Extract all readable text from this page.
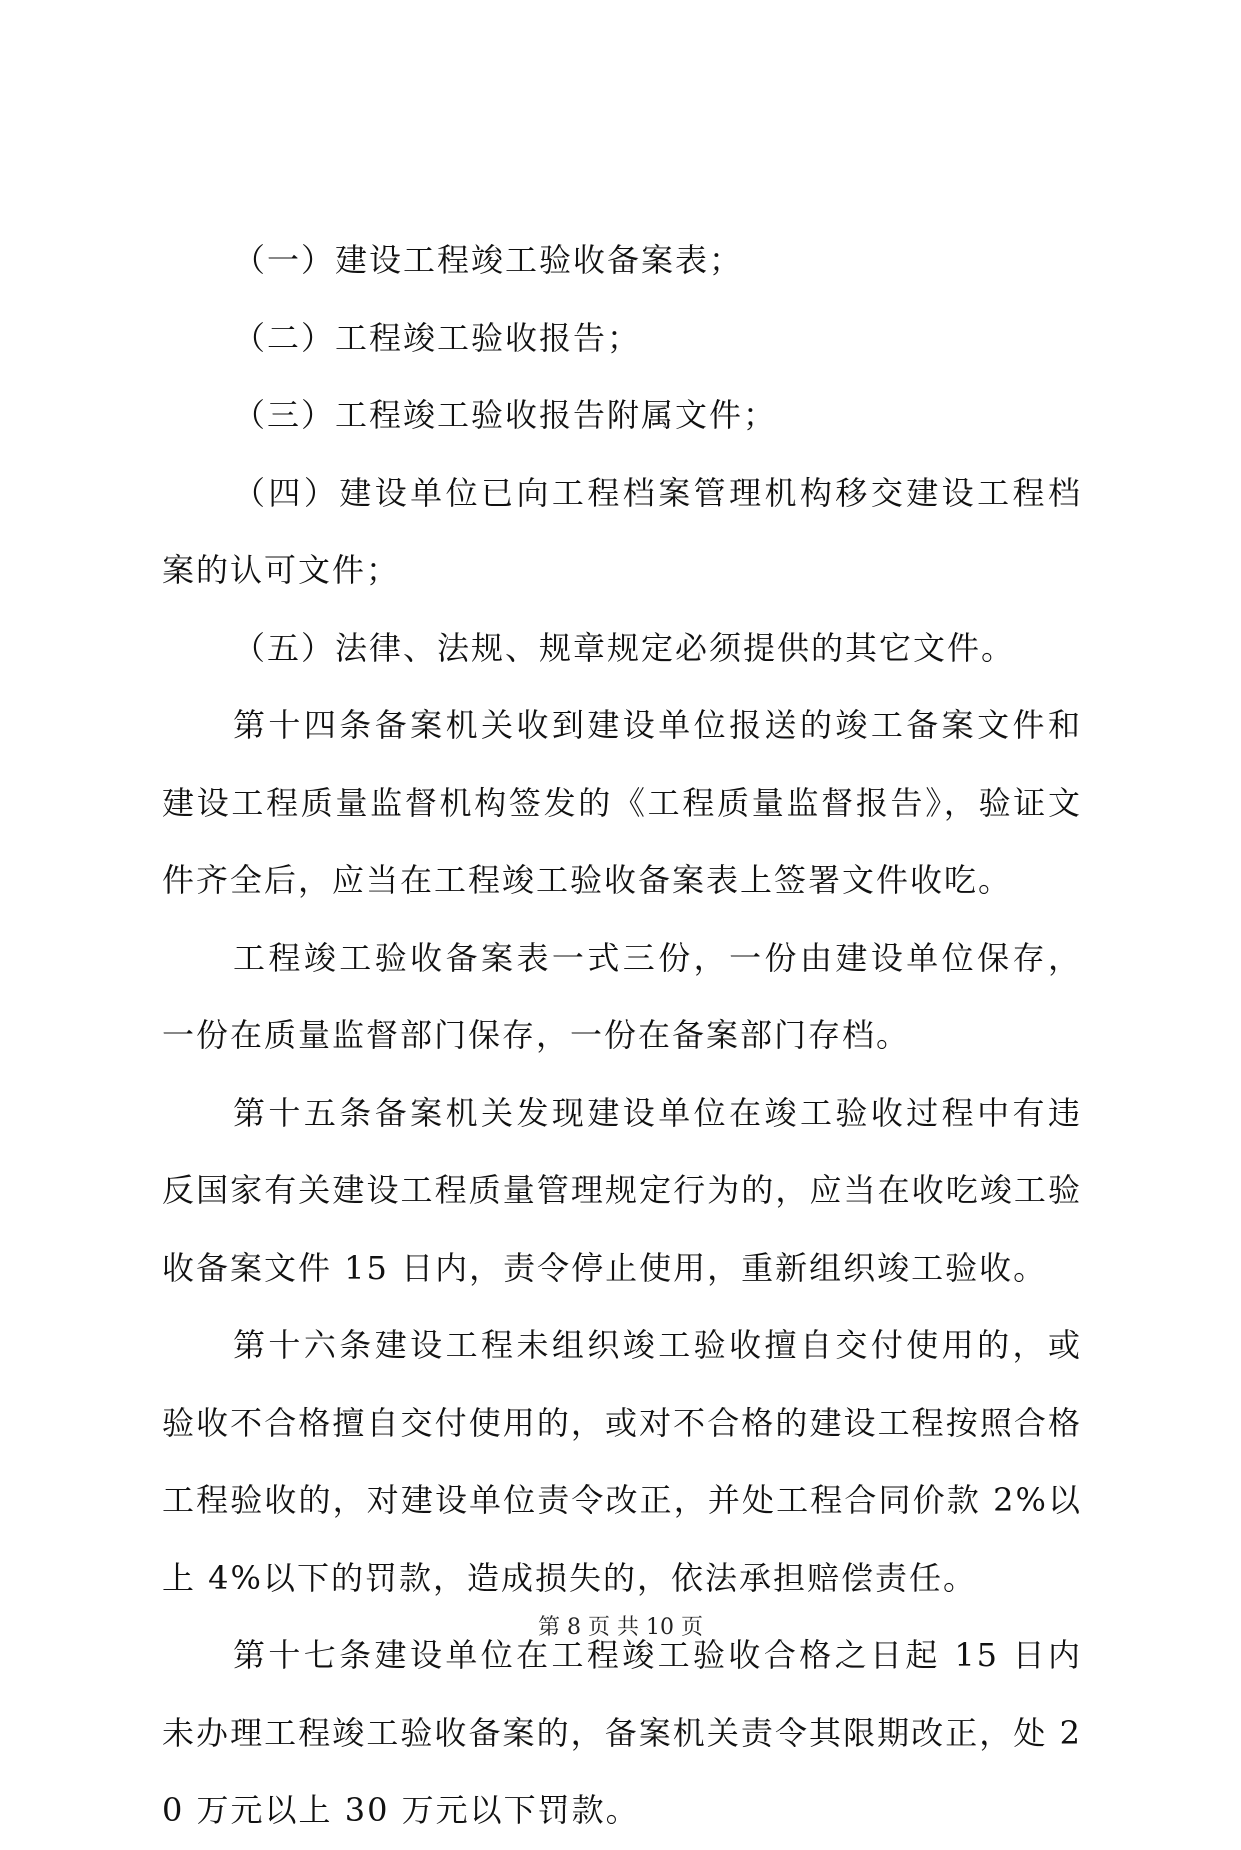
（一）建设工程竣工验收备案表；

（二）工程竣工验收报告；

（三）工程竣工验收报告附属文件；

（四）建设单位已向工程档案管理机构移交建设工程档案的认可文件；

（五）法律、法规、规章规定必须提供的其它文件。

第十四条备案机关收到建设单位报送的竣工备案文件和建设工程质量监督机构签发的《工程质量监督报告》，验证文件齐全后，应当在工程竣工验收备案表上签署文件收吃。

工程竣工验收备案表一式三份，一份由建设单位保存，一份在质量监督部门保存，一份在备案部门存档。

第十五条备案机关发现建设单位在竣工验收过程中有违反国家有关建设工程质量管理规定行为的，应当在收吃竣工验收备案文件 15 日内，责令停止使用，重新组织竣工验收。

第十六条建设工程未组织竣工验收擅自交付使用的，或验收不合格擅自交付使用的，或对不合格的建设工程按照合格工程验收的，对建设单位责令改正，并处工程合同价款 2%以上 4%以下的罚款，造成损失的，依法承担赔偿责任。

第十七条建设单位在工程竣工验收合格之日起 15 日内未办理工程竣工验收备案的，备案机关责令其限期改正，处 20 万元以上 30 万元以下罚款。

第 8 页 共 10 页
